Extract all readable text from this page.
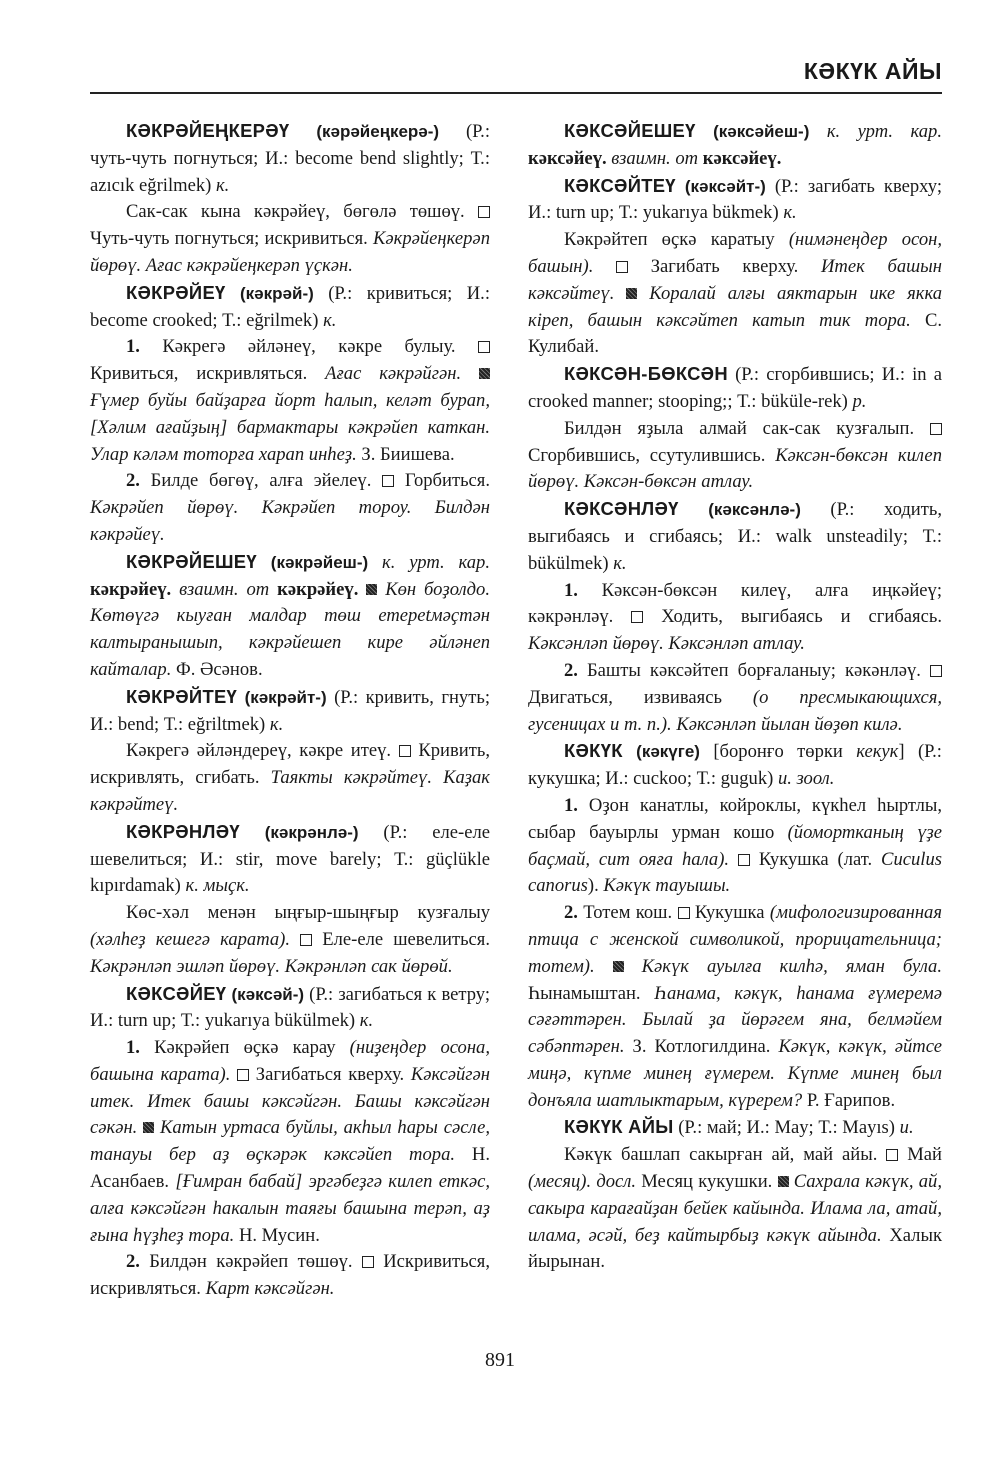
КӘКҮК АЙЫ

КӘКРӘЙЕҢКЕРӘҮ (кәрәйеңкерә-) (Р.: чуть-чуть погнуться; И.: become bend slightly; Т.: azıcık eğrilmek) к.

Сак-сак кына кәкрәйеү, бөгөлә төшөү.  Чуть-чуть погнуться; искривиться. Кәкрәйеңкерәп йөрөү. Ағас кәкрәйеңкерәп үҫкән.

КӘКРӘЙЕҮ (кәкрәй-) (Р.: кривиться; И.: become crooked; Т.: eğrilmek) к.

1. Кәкрегә әйләнеү, кәкре булыу.  Кривиться, искривляться. Ағас кәкрәйгән.  Ғүмер буйы байҙарға йорт һалып, келәт бурап, [Хәлим ағайҙың] бармактары кәкрәйеп каткан. Улар кәләм тоторға харап инһеҙ. З. Биишева.

2. Билде бөгөү, алға эйелеү.  Горбиться. Кәкрәйеп йөрөү. Кәкрәйеп тороу. Билдән кәкрәйеү.

КӘКРӘЙЕШЕҮ (кәкрәйеш-) к. урт. кар. кәкрәйеү. взаимн. от кәкрәйеү.  Көн боҙолдо. Көтөүгә кыуған малдар төш етерetмәҫтән калтыранышып, кәкрәйешеп кире әйләнеп кайталар. Ф. Әсәнов.

КӘКРӘЙТЕҮ (кәкрәйт-) (Р.: кривить, гнуть; И.: bend; Т.: eğriltmek) к.

Кәкрегә әйләндереү, кәкре итеү.  Кривить, искривлять, сгибать. Таякты кәкрәйтеү. Каҙак кәкрәйтеү.

КӘКРӘНЛӘҮ (кәкрәнлә-) (Р.: еле-еле шевелиться; И.: stir, move barely; Т.: güçlükle kıpırdamak) к. мыҫк.

Көс-хәл менән ыңғыр-шыңғыр кузғалыу (хәлһеҙ кешегә карата).  Еле-еле шевелиться. Кәкрәнләп эшләп йөрөү. Кәкрәнләп сак йөрөй.

КӘКСӘЙЕҮ (кәксәй-) (Р.: загибаться к ветру; И.: turn up; Т.: yukarıya bükülmek) к.

1. Кәкрәйеп өҫкә карау (ниҙеңдер осона, башына карата).  Загибаться кверху. Кәксәйгән итек. Итек башы кәксәйгән. Башы кәксәйгән сәкән.  Катын уртаса буйлы, акһыл һары сәсле, танауы бер аҙ өҫкәрәк кәксәйеп тора. Н. Асанбаев. [Ғимран бабай] эргәбеҙгә килеп еткәс, алға кәксәйгән һакалын таяғы башына терәп, аҙ ғына һүҙһеҙ тора. Н. Мусин.

2. Билдән кәкрәйеп төшөү.  Искривиться, искривляться. Карт кәксәйгән.

КӘКСӘЙЕШЕҮ (кәксәйеш-) к. урт. кар. кәксәйеү. взаимн. от кәксәйеү.

КӘКСӘЙТЕҮ (кәксәйт-) (Р.: загибать кверху; И.: turn up; Т.: yukarıya bükmek) к.

Кәкрәйтеп өҫкә каратыу (нимәнеңдер осон, башын).  Загибать кверху. Итек башын кәксәйтеү.  Коралай алғы аяктарын ике якка кіреп, башын кәксәйтеп катып тик тора. С. Кулибай.

КӘКСӘН-БӨКСӘН (Р.: сгорбившись; И.: in a crooked manner; stooping;; Т.: büküle-rek) р.

Билдән яҙыла алмай сак-сак кузғалып.  Сгорбившись, ссутулившись. Кәксән-бөксән килеп йөрөү. Кәксән-бөксән атлау.

КӘКСӘНЛӘҮ (кәксәнлә-) (Р.: ходить, выгибаясь и сгибаясь; И.: walk unsteadily; Т.: bükülmek) к.

1. Кәксән-бөксән килеү, алға иңкәйеү; кәкрәнләү.  Ходить, выгибаясь и сгибаясь. Кәксәнләп йөрөү. Кәксәнләп атлау.

2. Башты кәксәйтеп борғаланыу; кәкәнләү.  Двигаться, извиваясь (о пресмыкающихся, гусеницах и т. п.). Кәксәнләп йылан йөҙөп килә.

КӘКҮК (кәкүге) [боронғо төрки кекук] (Р.: кукушка; И.: cuckoo; Т.: guguk) и. зоол.

1. Оҙон канатлы, койроклы, күкһел һыртлы, сыбар бауырлы урман кошо (йомортканың үҙе баҫмай, сит ояға һала).  Кукушка (лат. Cuculus canorus). Кәкүк тауышы.

2. Тотем кош.  Кукушка (мифологизированная птица с женской символикой, прорицательница; тотем).  Кәкүк ауылға килһә, яман була. Һынамыштан. Һанама, кәкүк, һанама ғүмеремә сәғәттәрен. Былай ҙа йөрәгем яна, белмәйем сәбәптәрен. З. Котлогилдина. Кәкүк, кәкүк, әйтсе миңә, күпме минең ғүмерем. Күпме минең был донъяла шатлыктарым, күререм? Р. Ғарипов.

КӘКҮК АЙЫ (Р.: май; И.: May; Т.: Mayıs) и.

Кәкүк башлап сакырған ай, май айы.  Май (месяц). досл. Месяц кукушки.  Сахрала кәкүк, ай, сакыра карағайҙан бейек кайында. Илама ла, атай, илама, әсәй, беҙ кайтырбыҙ кәкүк айында. Халык йырынан.

891
